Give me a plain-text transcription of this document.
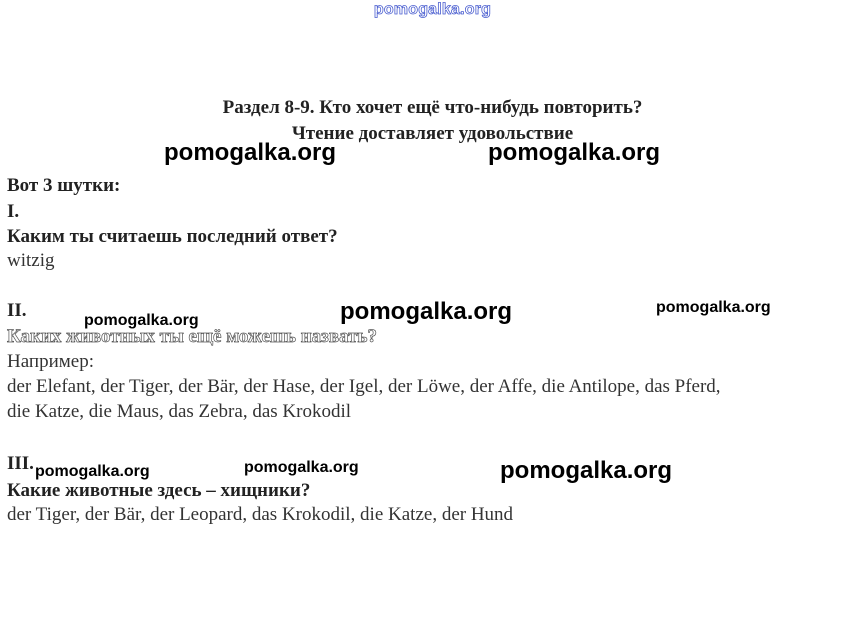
pomogalka.org
Раздел 8-9. Кто хочет ещё что-нибудь повторить?
Чтение доставляет удовольствие
Вот 3 шутки:
I.
Каким ты считаешь последний ответ?
witzig
II.
Каких животных ты ещё можешь назвать?
Например:
der Elefant, der Tiger, der Bär, der Hase, der Igel, der Löwe, der Affe, die Antilope, das Pferd,
die Katze, die Maus, das Zebra, das Krokodil
III.
Какие животные здесь – хищники?
der Tiger, der Bär, der Leopard, das Krokodil, die Katze, der Hund
pomogalka.org	pomogalka.org
pomogalka.org	pomogalka.org
pomogalka.org
pomogalka.org	pomogalka.org	pomogalka.org
